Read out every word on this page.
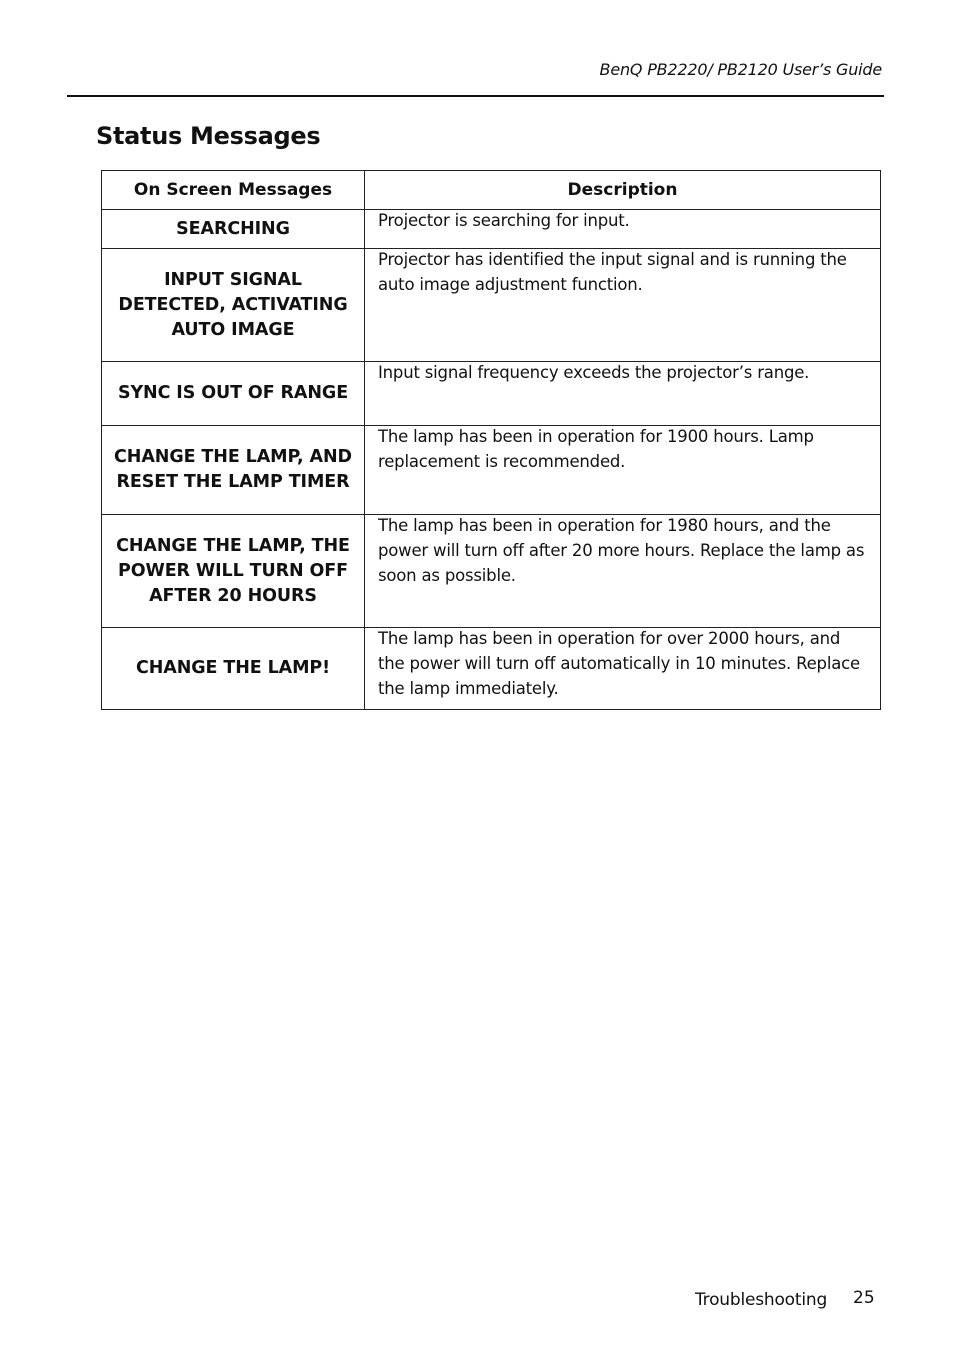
BenQ PB2220/ PB2120 User’s Guide
Status Messages
On Screen Messages	Description
SEARCHING	Projector is searching for input.

INPUT SIGNAL DETECTED, ACTIVATING AUTO IMAGE	Projector has identified the input signal and is running the auto image adjustment function.

SYNC IS OUT OF RANGE	Input signal frequency exceeds the projector’s range.

CHANGE THE LAMP, AND RESET THE LAMP TIMER	The lamp has been in operation for 1900 hours. Lamp replacement is recommended.

CHANGE THE LAMP, THE POWER WILL TURN OFF AFTER 20 HOURS	The lamp has been in operation for 1980 hours, and the power will turn off after 20 more hours. Replace the lamp as soon as possible.

CHANGE THE LAMP!	The lamp has been in operation for over 2000 hours, and the power will turn off automatically in 10 minutes. Replace the lamp immediately.
Troubleshooting 25
